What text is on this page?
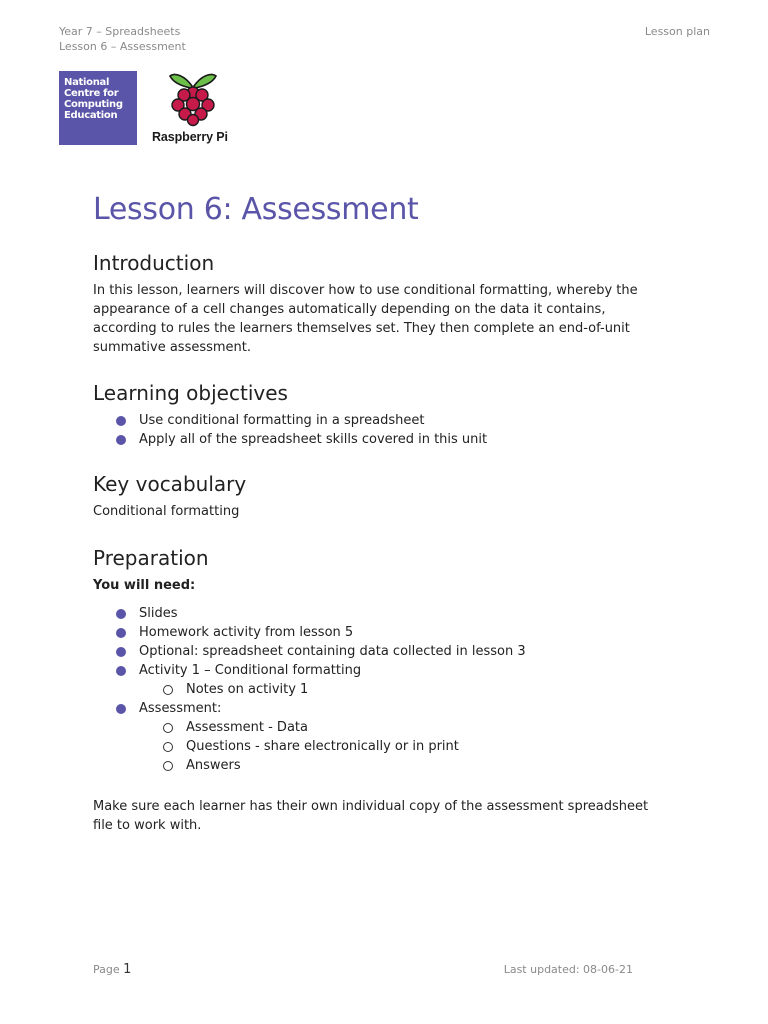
Year 7 – Spreadsheets
Lesson 6 – Assessment
Lesson plan
National
Centre for
Computing
Education
Raspberry Pi
Lesson 6: Assessment
Introduction

In this lesson, learners will discover how to use conditional formatting, whereby the appearance of a cell changes automatically depending on the data it contains, according to rules the learners themselves set. They then complete an end-of-unit summative assessment.

Learning objectives
Use conditional formatting in a spreadsheet
Apply all of the spreadsheet skills covered in this unit
Key vocabulary

Conditional formatting

Preparation

You will need:

Slides
Homework activity from lesson 5
Optional: spreadsheet containing data collected in lesson 3
Activity 1 – Conditional formatting
Notes on activity 1
Assessment:
Assessment - Data
Questions - share electronically or in print
Answers

Make sure each learner has their own individual copy of the assessment spreadsheet file to work with.

Page 1	Last updated: 08-06-21
